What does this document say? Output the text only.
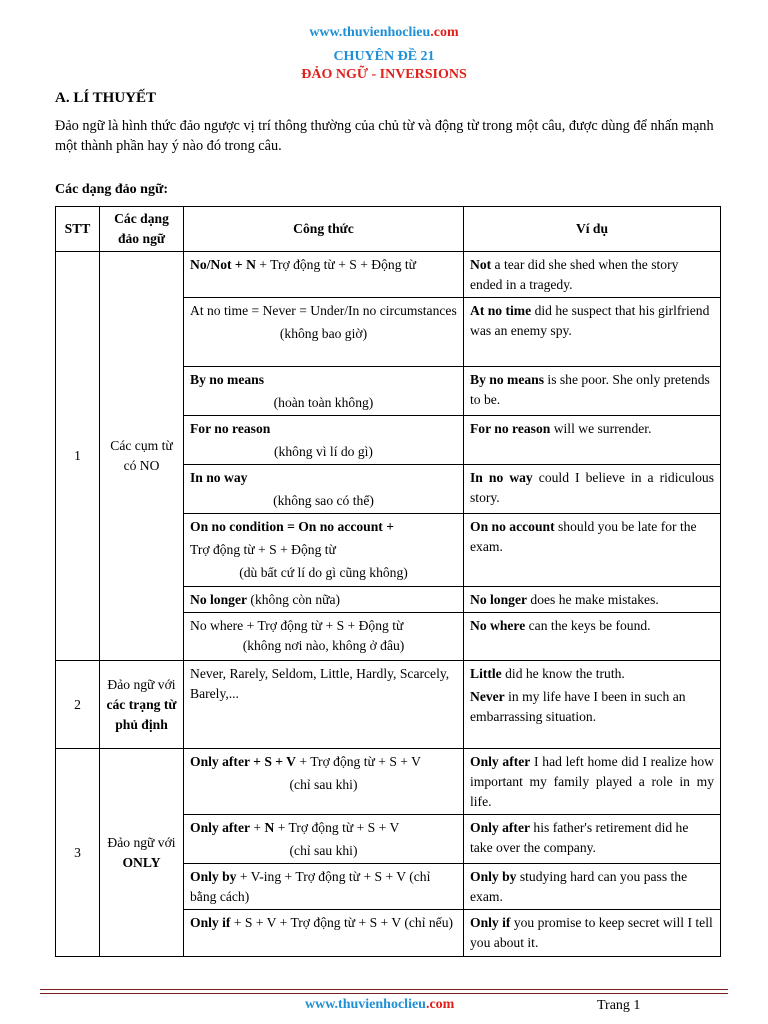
www.thuvienhoclieu.com
CHUYÊN ĐỀ 21
ĐẢO NGỮ - INVERSIONS
A. LÍ THUYẾT
Đảo ngữ là hình thức đảo ngược vị trí thông thường của chủ từ và động từ trong một câu, được dùng để nhấn mạnh một thành phần hay ý nào đó trong câu.
Các dạng đảo ngữ:
STT	Các dạng đảo ngữ	Công thức	Ví dụ
1	Các cụm từ có NO	No/Not + N + Trợ động từ + S + Động từ	Not a tear did she shed when the story ended in a tragedy.

		At no time = Never = Under/In no circumstances
(không bao giờ)	At no time did he suspect that his girlfriend was an enemy spy.

		By no means
(hoàn toàn không)	By no means is she poor. She only pretends to be.

		For no reason
(không vì lí do gì)	For no reason will we surrender.

		In no way
(không sao có thể)	In no way could I believe in a ridiculous story.

		On no condition = On no account +
Trợ động từ + S + Động từ
(dù bất cứ lí do gì cũng không)	On no account should you be late for the exam.
		No longer (không còn nữa)	No longer does he make mistakes.

		No where + Trợ động từ + S + Động từ
(không nơi nào, không ở đâu)	No where can the keys be found.
2	Đảo ngữ với các trạng từ phủ định	Never, Rarely, Seldom, Little, Hardly, Scarcely, Barely,...	Little did he know the truth.
Never in my life have I been in such an embarrassing situation.

3	Đảo ngữ với ONLY	Only after + S + V + Trợ động từ + S + V
(chỉ sau khi)	Only after I had left home did I realize how important my family played a role in my life.

		Only after + N + Trợ động từ + S + V
(chỉ sau khi)	Only after his father's retirement did he take over the company.
		Only by + V-ing + Trợ động từ + S + V (chỉ bằng cách)	Only by studying hard can you pass the exam.
		Only if + S + V + Trợ động từ + S + V (chỉ nếu)	Only if you promise to keep secret will I tell you about it.
www.thuvienhoclieu.com	Trang 1
